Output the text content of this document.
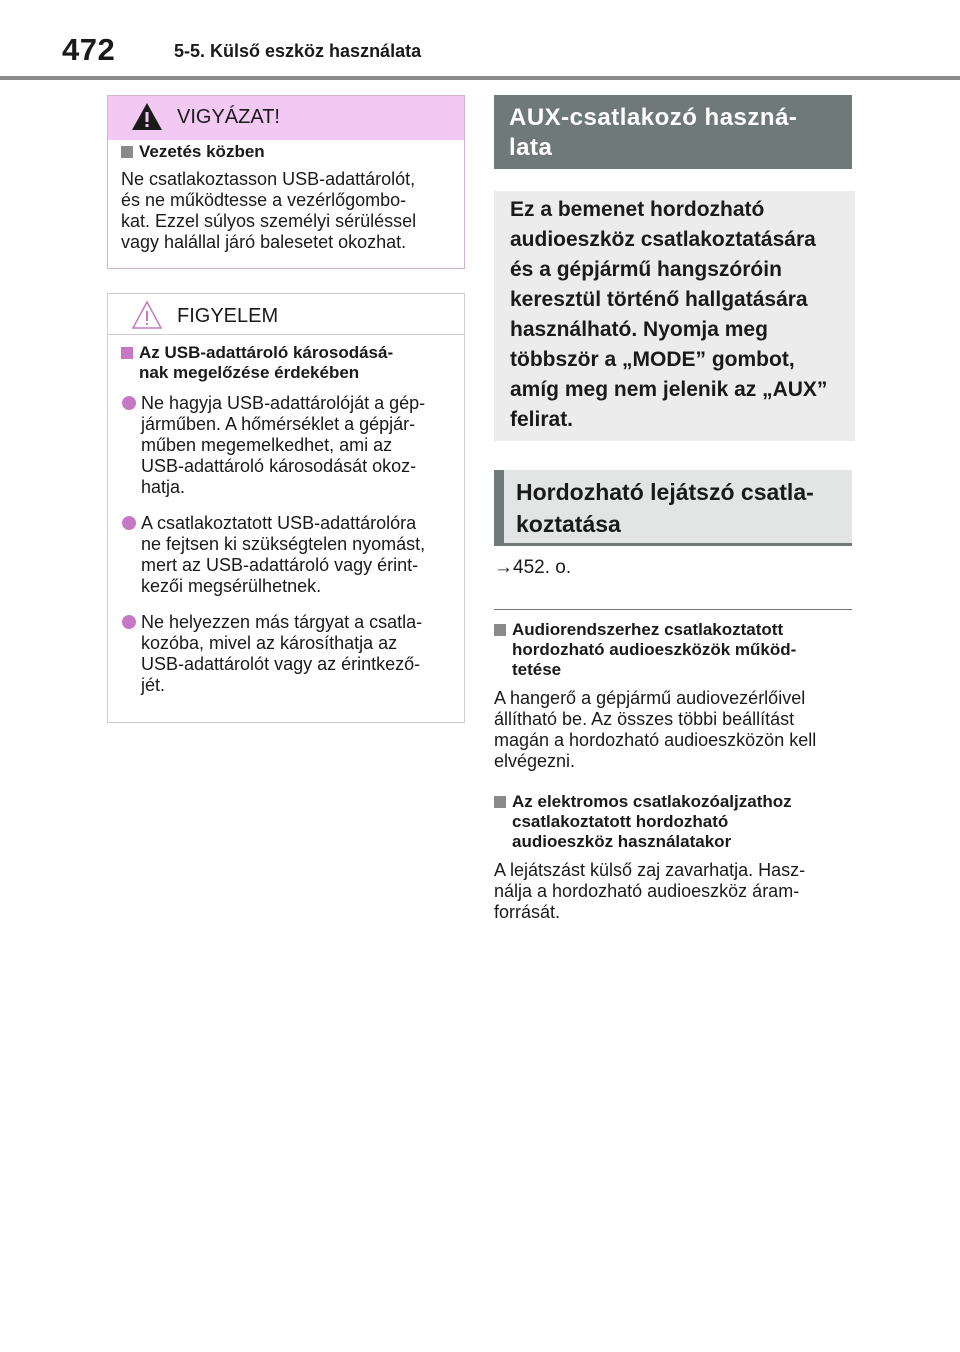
472	5-5. Külső eszköz használata
VIGYÁZAT!
Vezetés közben
Ne csatlakoztasson USB-adattárolót,
és ne működtesse a vezérlőgombo-
kat. Ezzel súlyos személyi sérüléssel
vagy halállal járó balesetet okozhat.
FIGYELEM
Az USB-adattároló károsodásá-
nak megelőzése érdekében
Ne hagyja USB-adattárolóját a gép-
járműben. A hőmérséklet a gépjár-
műben megemelkedhet, ami az
USB-adattároló károsodását okoz-
hatja.
A csatlakoztatott USB-adattárolóra
ne fejtsen ki szükségtelen nyomást,
mert az USB-adattároló vagy érint-
kezői megsérülhetnek.
Ne helyezzen más tárgyat a csatla-
kozóba, mivel az károsíthatja az
USB-adattárolót vagy az érintkező-
jét.
AUX-csatlakozó haszná-
lata
Ez a bemenet hordozható
audioeszköz csatlakoztatására
és a gépjármű hangszóróin
keresztül történő hallgatására
használható. Nyomja meg
többször a „MODE” gombot,
amíg meg nem jelenik az „AUX”
felirat.
Hordozható lejátszó csatla-
koztatása
→452. o.
Audiorendszerhez csatlakoztatott
hordozható audioeszközök működ-
tetése
A hangerő a gépjármű audiovezérlőivel
állítható be. Az összes többi beállítást
magán a hordozható audioeszközön kell
elvégezni.
Az elektromos csatlakozóaljzathoz
csatlakoztatott hordozható
audioeszköz használatakor
A lejátszást külső zaj zavarhatja. Hasz-
nálja a hordozható audioeszköz áram-
forrását.
